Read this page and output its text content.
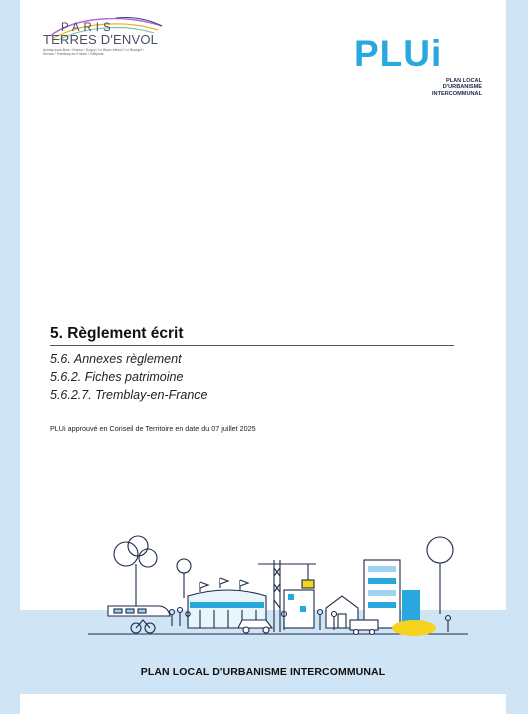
PARIS
TERRES D'ENVOL
Aulnay-sous-Bois / Drancy / Dugny / Le Blanc-Mesnil / Le Bourget / Sevran / Tremblay-en-France / Villepinte	PLUi
PLAN LOCAL
D'URBANISME
INTERCOMMUNAL
5. Règlement écrit
5.6. Annexes règlement
5.6.2. Fiches patrimoine
5.6.2.7. Tremblay-en-France
PLUi approuvé en Conseil de Territoire en date du 07 juillet 2025
PLAN LOCAL D'URBANISME INTERCOMMUNAL
